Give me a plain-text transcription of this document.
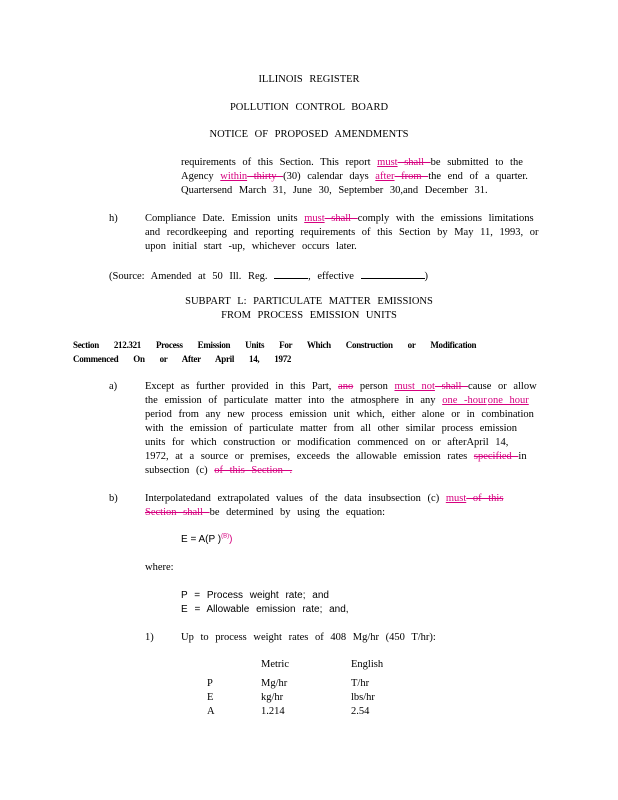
ILLINOIS REGISTER
POLLUTION CONTROL BOARD
NOTICE OF PROPOSED AMENDMENTS
requirements of this Section. This report must shall be submitted to the
Agency within thirty (30) calendar days after from the end of a quarter.
Quartersend March 31, June 30, September 30,and December 31.
h)	Compliance Date. Emission units must shall comply with the emissions limitations
and recordkeeping and reporting requirements of this Section by May 11, 1993, or
upon initial start -up, whichever occurs later.
(Source: Amended at 50 Ill. Reg.	, effective	)
SUBPART L: PARTICULATE MATTER EMISSIONS
FROM PROCESS EMISSION UNITS
Section 212.321 Process Emission Units For Which Construction or Modification
Commenced On or After April 14, 1972
a)	Except as further provided in this Part, ano person must not shall cause or allow
the emission of particulate matter into the atmosphere in any one -hourone hour
period from any new process emission unit which, either alone or in combination
with the emission of particulate matter from all other similar process emission
units for which construction or modification commenced on or afterApril 14,
1972, at a source or premises, exceeds the allowable emission rates specified in
subsection (c) of this Section .
b)	Interpolatedand extrapolated values of the data insubsection (c) must of this
Section shall be determined by using the equation:
E = A(P )$^{(B)}$)
where:
P = Process weight rate; and
E = Allowable emission rate; and,
1)	Up to process weight rates of 408 Mg/hr (450 T/hr):
Metric	English
P	Mg/hr	T/hr
E	kg/hr	lbs/hr
A	1.214	2.54
